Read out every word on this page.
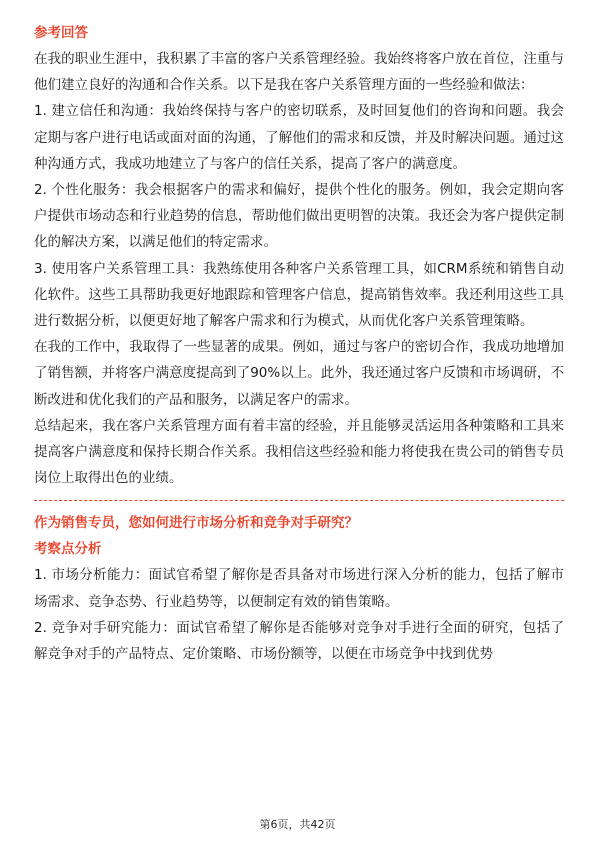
参考回答

在我的职业生涯中，我积累了丰富的客户关系管理经验。我始终将客户放在首位，注重与他们建立良好的沟通和合作关系。以下是我在客户关系管理方面的一些经验和做法：

1. 建立信任和沟通：我始终保持与客户的密切联系，及时回复他们的咨询和问题。我会定期与客户进行电话或面对面的沟通，了解他们的需求和反馈，并及时解决问题。通过这种沟通方式，我成功地建立了与客户的信任关系，提高了客户的满意度。

2. 个性化服务：我会根据客户的需求和偏好，提供个性化的服务。例如，我会定期向客户提供市场动态和行业趋势的信息，帮助他们做出更明智的决策。我还会为客户提供定制化的解决方案，以满足他们的特定需求。

3. 使用客户关系管理工具：我熟练使用各种客户关系管理工具，如CRM系统和销售自动化软件。这些工具帮助我更好地跟踪和管理客户信息，提高销售效率。我还利用这些工具进行数据分析，以便更好地了解客户需求和行为模式，从而优化客户关系管理策略。

在我的工作中，我取得了一些显著的成果。例如，通过与客户的密切合作，我成功地增加了销售额，并将客户满意度提高到了90%以上。此外，我还通过客户反馈和市场调研，不断改进和优化我们的产品和服务，以满足客户的需求。

总结起来，我在客户关系管理方面有着丰富的经验，并且能够灵活运用各种策略和工具来提高客户满意度和保持长期合作关系。我相信这些经验和能力将使我在贵公司的销售专员岗位上取得出色的业绩。

作为销售专员，您如何进行市场分析和竞争对手研究？
考察点分析

1. 市场分析能力：面试官希望了解你是否具备对市场进行深入分析的能力，包括了解市场需求、竞争态势、行业趋势等，以便制定有效的销售策略。

2. 竞争对手研究能力：面试官希望了解你是否能够对竞争对手进行全面的研究，包括了解竞争对手的产品特点、定价策略、市场份额等，以便在市场竞争中找到优势

第6页，共42页
